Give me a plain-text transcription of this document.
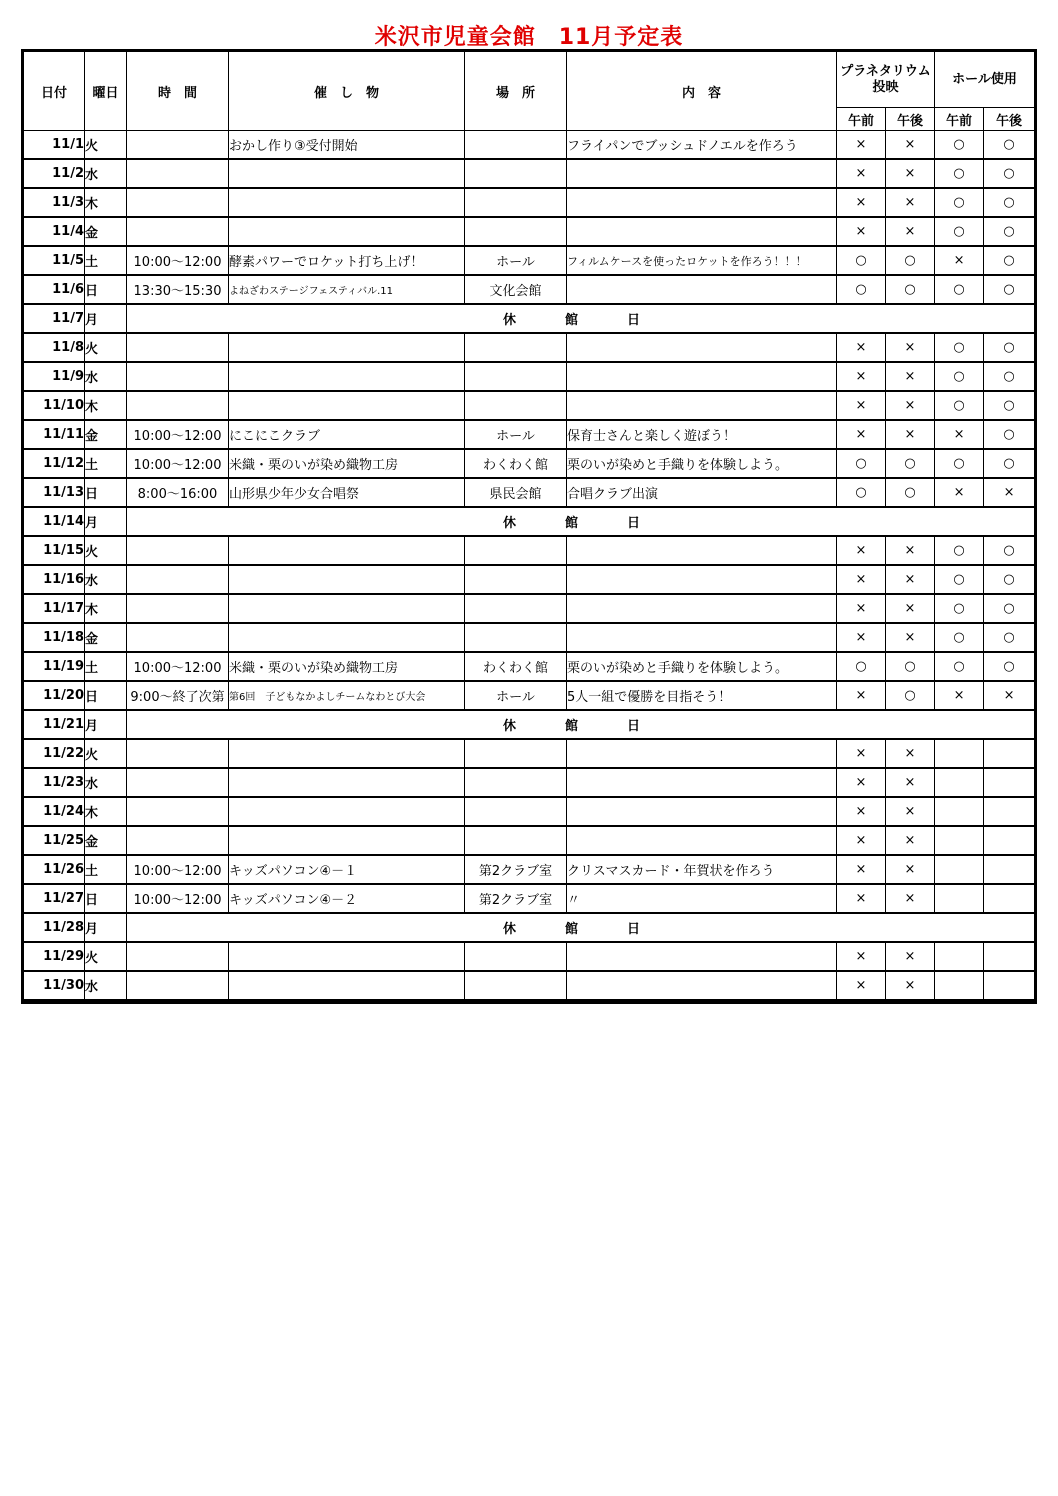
米沢市児童会館　11月予定表
日付	曜日	時　間	催　し　物	場　所	内　容	プラネタリウム投映		ホール使用	
						午前	午後	午前	午後
11/1	火		おかし作り③受付開始		フライパンでブッシュドノエルを作ろう	×	×	○	○
11/2	水					×	×	○	○
11/3	木					×	×	○	○
11/4	金					×	×	○	○
11/5	土	10:00～12:00	酵素パワーでロケット打ち上げ！	ホール	フィルムケースを使ったロケットを作ろう！！！	○	○	×	○
11/6	日	13:30～15:30	よねざわステージフェスティバル.11	文化会館		○	○	○	○
11/7	月	休　館　日							
11/8	火					×	×	○	○
11/9	水					×	×	○	○
11/10	木					×	×	○	○
11/11	金	10:00～12:00	にこにこクラブ	ホール	保育士さんと楽しく遊ぼう！	×	×	×	○
11/12	土	10:00～12:00	米織・栗のいが染め織物工房	わくわく館	栗のいが染めと手織りを体験しよう。	○	○	○	○
11/13	日	8:00～16:00	山形県少年少女合唱祭	県民会館	合唱クラブ出演	○	○	×	×
11/14	月	休　館　日							
11/15	火					×	×	○	○
11/16	水					×	×	○	○
11/17	木					×	×	○	○
11/18	金					×	×	○	○
11/19	土	10:00～12:00	米織・栗のいが染め織物工房	わくわく館	栗のいが染めと手織りを体験しよう。	○	○	○	○
11/20	日	9:00～終了次第	第6回　子どもなかよしチームなわとび大会	ホール	5人一組で優勝を目指そう！	×	○	×	×
11/21	月	休　館　日							
11/22	火					×	×		
11/23	水					×	×		
11/24	木					×	×		
11/25	金					×	×		
11/26	土	10:00～12:00	キッズパソコン④－１	第2クラブ室	クリスマスカード・年賀状を作ろう	×	×		
11/27	日	10:00～12:00	キッズパソコン④－２	第2クラブ室	〃	×	×		
11/28	月	休　館　日							
11/29	火					×	×		
11/30	水					×	×		
